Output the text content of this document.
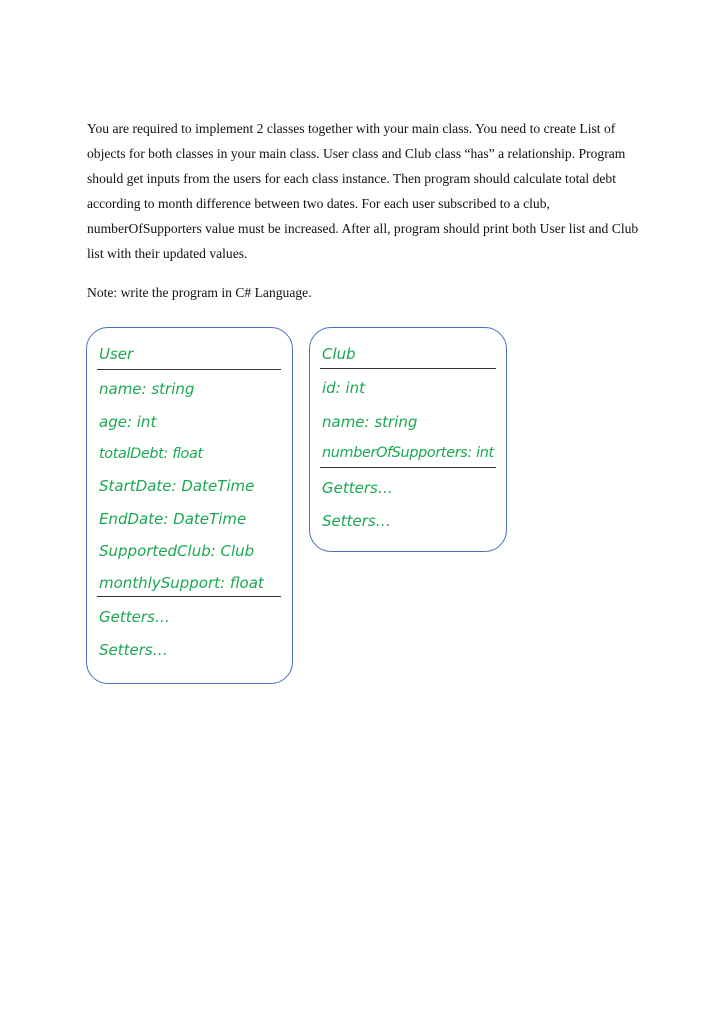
You are required to implement 2 classes together with your main class. You need to create List of objects for both classes in your main class. User class and Club class “has” a relationship. Program should get inputs from the users for each class instance. Then program should calculate total debt according to month difference between two dates. For each user subscribed to a club, numberOfSupporters value must be increased. After all, program should print both User list and Club list with their updated values.

Note: write the program in C# Language.

User
name: string
age: int
totalDebt: float
StartDate: DateTime
EndDate: DateTime
SupportedClub: Club
monthlySupport: float
Getters…
Setters…
Club
id: int
name: string
numberOfSupporters: int
Getters…
Setters…
